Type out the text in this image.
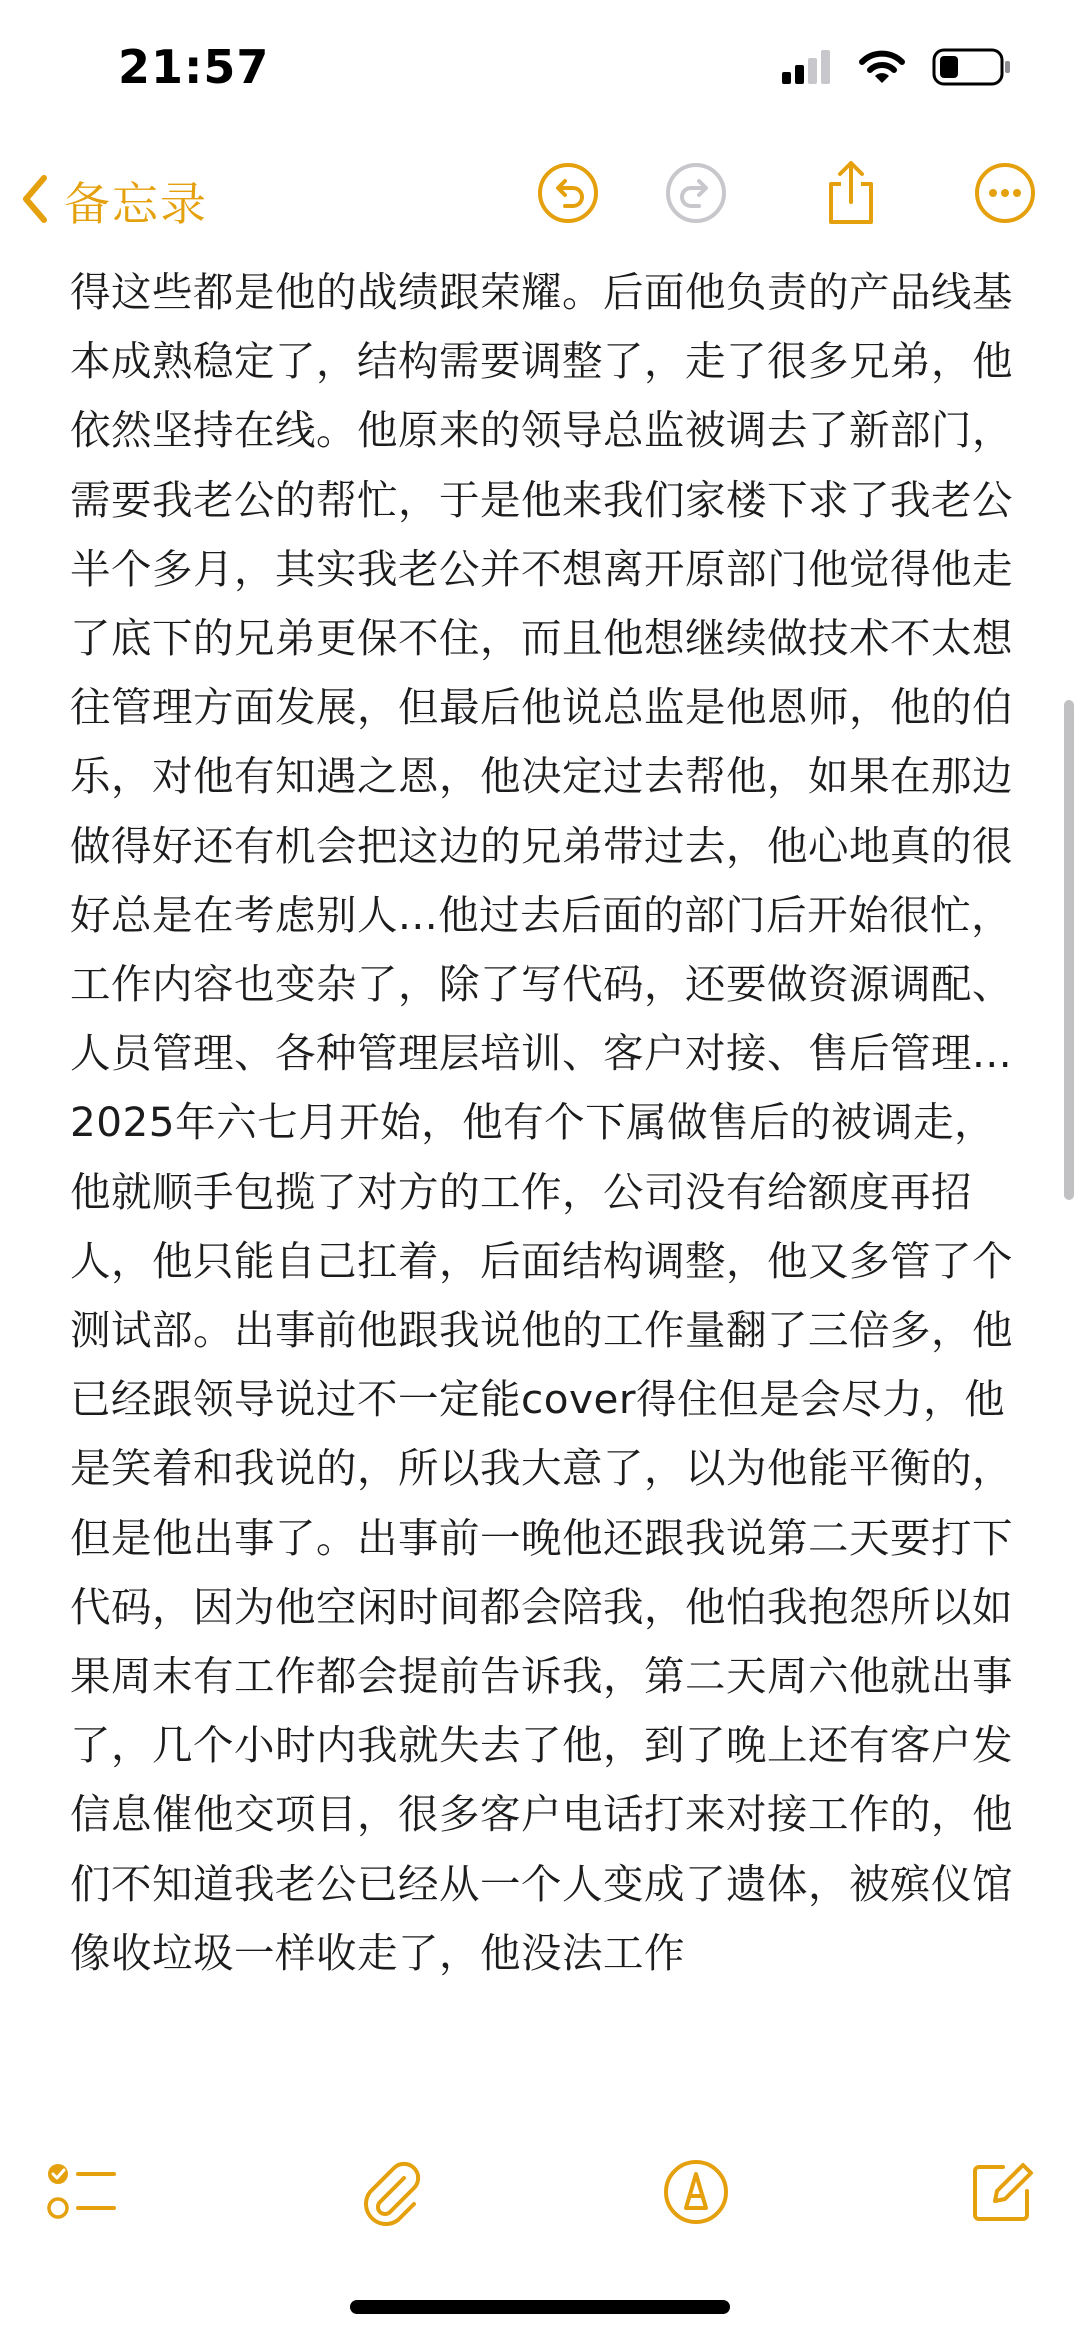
21:57
备忘录

得这些都是他的战绩跟荣耀。后面他负责的产品线基本成熟稳定了，结构需要调整了，走了很多兄弟，他依然坚持在线。他原来的领导总监被调去了新部门，需要我老公的帮忙，于是他来我们家楼下求了我老公半个多月，其实我老公并不想离开原部门他觉得他走了底下的兄弟更保不住，而且他想继续做技术不太想往管理方面发展，但最后他说总监是他恩师，他的伯乐，对他有知遇之恩，他决定过去帮他，如果在那边做得好还有机会把这边的兄弟带过去，他心地真的很好总是在考虑别人...他过去后面的部门后开始很忙，工作内容也变杂了，除了写代码，还要做资源调配、人员管理、各种管理层培训、客户对接、售后管理...2025年六七月开始，他有个下属做售后的被调走，他就顺手包揽了对方的工作，公司没有给额度再招人，他只能自己扛着，后面结构调整，他又多管了个测试部。出事前他跟我说他的工作量翻了三倍多，他已经跟领导说过不一定能cover得住但是会尽力，他是笑着和我说的，所以我大意了，以为他能平衡的，但是他出事了。出事前一晚他还跟我说第二天要打下代码，因为他空闲时间都会陪我，他怕我抱怨所以如果周末有工作都会提前告诉我，第二天周六他就出事了，几个小时内我就失去了他，到了晚上还有客户发信息催他交项目，很多客户电话打来对接工作的，他们不知道我老公已经从一个人变成了遗体，被殡仪馆像收垃圾一样收走了，他没法工作
